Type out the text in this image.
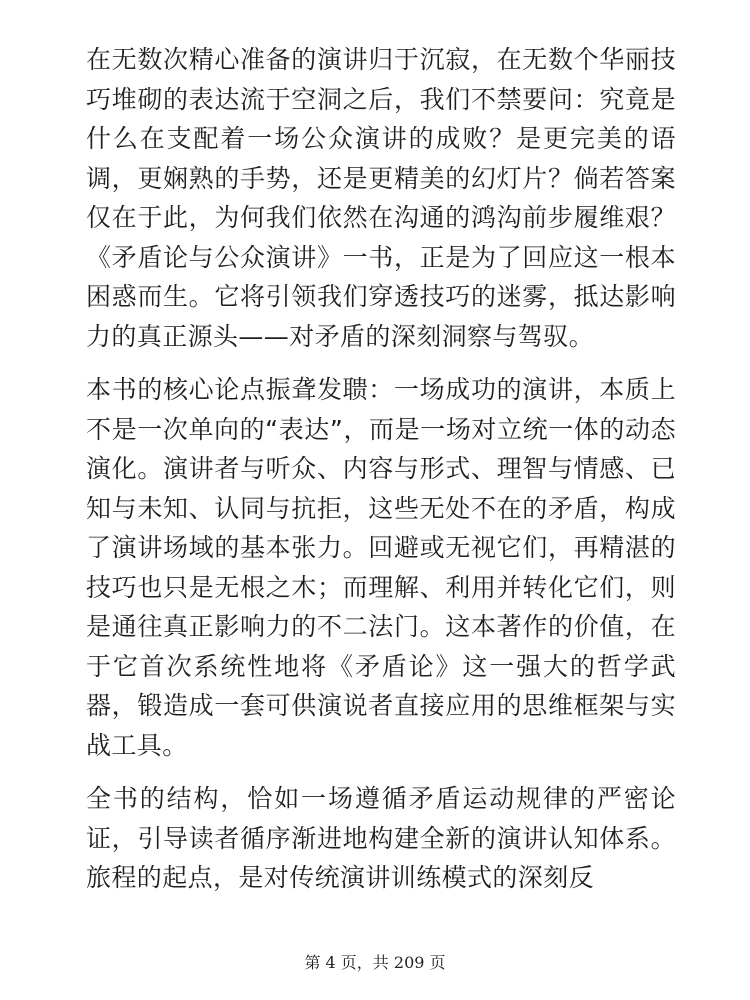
在无数次精心准备的演讲归于沉寂，在无数个华丽技巧堆砌的表达流于空洞之后，我们不禁要问：究竟是什么在支配着一场公众演讲的成败？是更完美的语调，更娴熟的手势，还是更精美的幻灯片？倘若答案仅在于此，为何我们依然在沟通的鸿沟前步履维艰？《矛盾论与公众演讲》一书，正是为了回应这一根本困惑而生。它将引领我们穿透技巧的迷雾，抵达影响力的真正源头——对矛盾的深刻洞察与驾驭。

本书的核心论点振聋发聩：一场成功的演讲，本质上不是一次单向的“表达”，而是一场对立统一体的动态演化。演讲者与听众、内容与形式、理智与情感、已知与未知、认同与抗拒，这些无处不在的矛盾，构成了演讲场域的基本张力。回避或无视它们，再精湛的技巧也只是无根之木；而理解、利用并转化它们，则是通往真正影响力的不二法门。这本著作的价值，在于它首次系统性地将《矛盾论》这一强大的哲学武器，锻造成一套可供演说者直接应用的思维框架与实战工具。

全书的结构，恰如一场遵循矛盾运动规律的严密论证，引导读者循序渐进地构建全新的演讲认知体系。旅程的起点，是对传统演讲训练模式的深刻反

第 4 页，共 209 页
